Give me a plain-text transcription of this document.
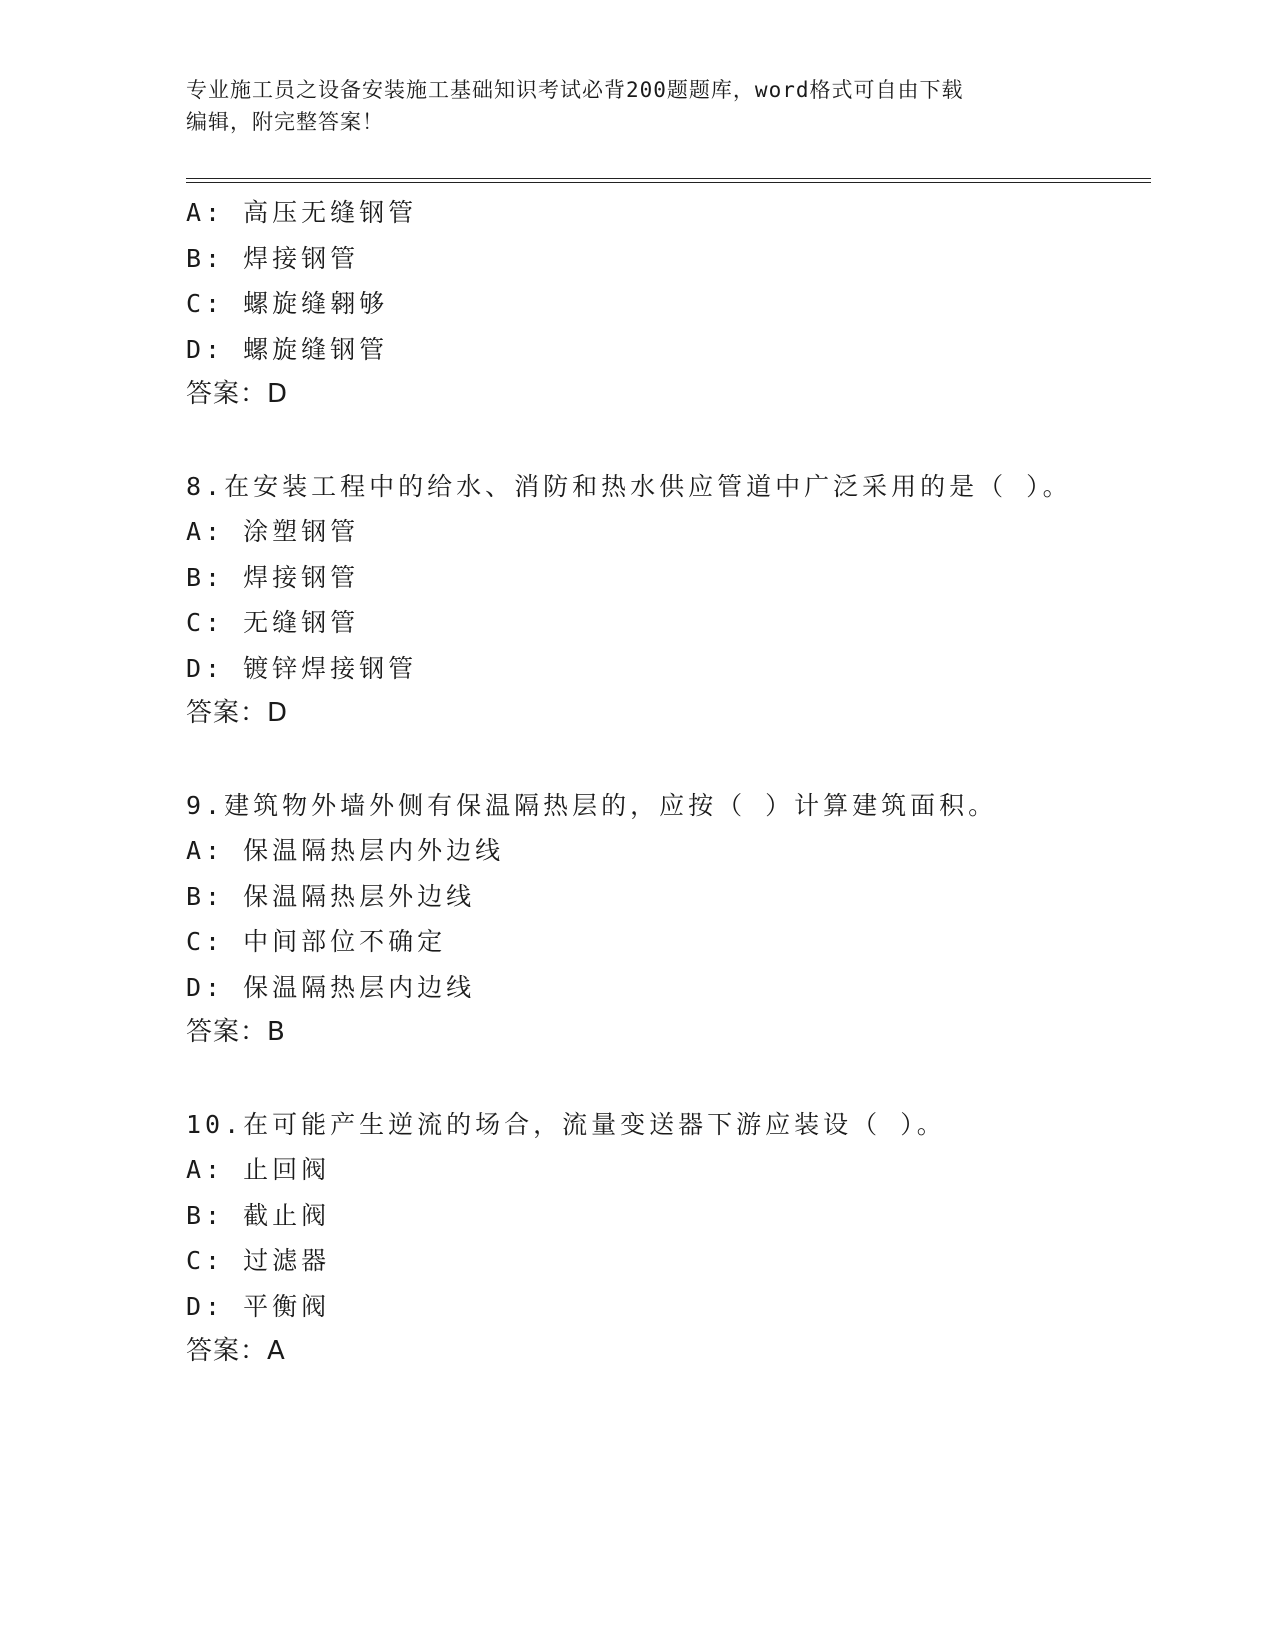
专业施工员之设备安装施工基础知识考试必背200题题库，word格式可自由下载
编辑，附完整答案！
A: 高压无缝钢管
B: 焊接钢管
C: 螺旋缝翱够
D: 螺旋缝钢管
答案：D
8.在安装工程中的给水、消防和热水供应管道中广泛采用的是（ ）。
A: 涂塑钢管
B: 焊接钢管
C: 无缝钢管
D: 镀锌焊接钢管
答案：D
9.建筑物外墙外侧有保温隔热层的，应按（ ）计算建筑面积。
A: 保温隔热层内外边线
B: 保温隔热层外边线
C: 中间部位不确定
D: 保温隔热层内边线
答案：B
10.在可能产生逆流的场合，流量变送器下游应装设（ ）。
A: 止回阀
B: 截止阀
C: 过滤器
D: 平衡阀
答案：A
